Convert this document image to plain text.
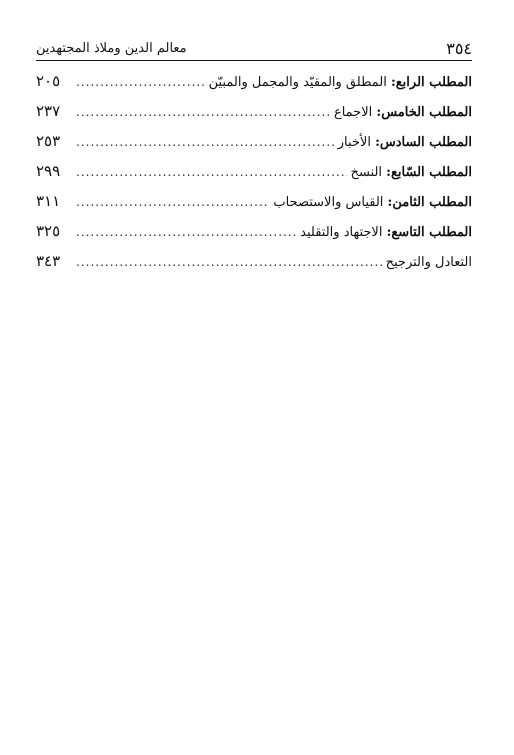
٣٥٤
معالم الدين وملاذ المجتهدين
المطلب الرابع: المطلق والمقيّد والمجمل والمبيّن
.....
٢٠٥
المطلب الخامس: الاجماع
.....
٢٣٧
المطلب السادس: الأخبار
.....
٢٥٣
المطلب السّابع: النسخ
.....
٢٩٩
المطلب الثامن: القياس والاستصحاب
.....
٣١١
المطلب التاسع: الاجتهاد والتقليد
.....
٣٢٥
التعادل والترجيح
.....
٣٤٣
